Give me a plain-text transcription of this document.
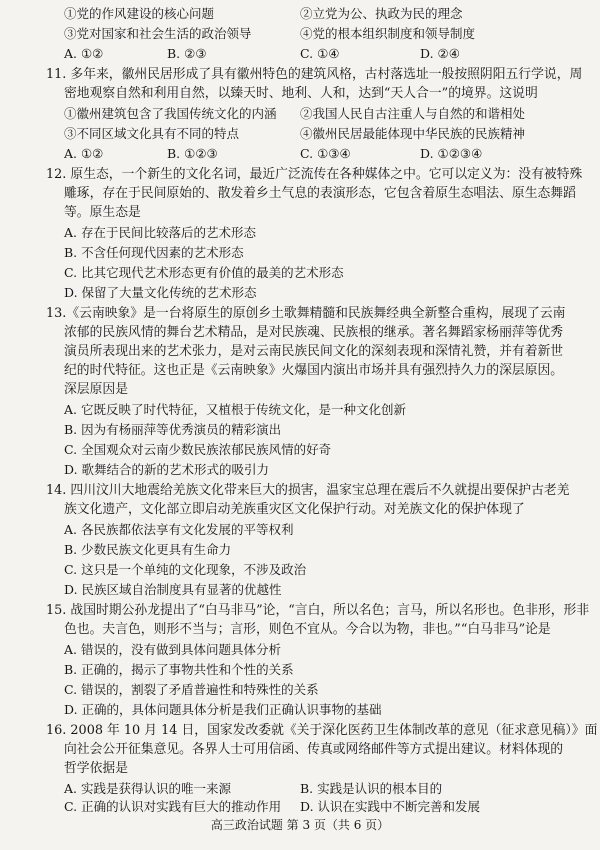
①党的作风建设的核心问题	②立党为公、执政为民的理念
③党对国家和社会生活的政治领导	④党的根本组织制度和领导制度
A. ①②	B. ②③	C. ①④	D. ②④
11. 多年来，徽州民居形成了具有徽州特色的建筑风格，古村落选址一般按照阴阳五行学说，周
密地观察自然和利用自然，以臻天时、地利、人和，达到“天人合一”的境界。这说明
①徽州建筑包含了我国传统文化的内涵 ②我国人民自古注重人与自然的和谐相处
③不同区域文化具有不同的特点	④徽州民居最能体现中华民族的民族精神
A. ①②	B. ①②③	C. ①③④	D. ①②③④
12. 原生态，一个新生的文化名词，最近广泛流传在各种媒体之中。它可以定义为：没有被特殊
雕琢，存在于民间原始的、散发着乡土气息的表演形态，它包含着原生态唱法、原生态舞蹈
等。原生态是
A. 存在于民间比较落后的艺术形态
B. 不含任何现代因素的艺术形态
C. 比其它现代艺术形态更有价值的最美的艺术形态
D. 保留了大量文化传统的艺术形态
13.《云南映象》是一台将原生的原创乡土歌舞精髓和民族舞经典全新整合重构，展现了云南
浓郁的民族风情的舞台艺术精品，是对民族魂、民族根的继承。著名舞蹈家杨丽萍等优秀
演员所表现出来的艺术张力，是对云南民族民间文化的深刻表现和深情礼赞，并有着新世
纪的时代特征。这也正是《云南映象》火爆国内演出市场并具有强烈持久力的深层原因。
深层原因是
A. 它既反映了时代特征，又植根于传统文化，是一种文化创新
B. 因为有杨丽萍等优秀演员的精彩演出
C. 全国观众对云南少数民族浓郁民族风情的好奇
D. 歌舞结合的新的艺术形式的吸引力
14. 四川汶川大地震给羌族文化带来巨大的损害，温家宝总理在震后不久就提出要保护古老羌
族文化遗产，文化部立即启动羌族重灾区文化保护行动。对羌族文化的保护体现了
A. 各民族都依法享有文化发展的平等权利
B. 少数民族文化更具有生命力
C. 这只是一个单纯的文化现象，不涉及政治
D. 民族区域自治制度具有显著的优越性
15. 战国时期公孙龙提出了“白马非马”论，“言白，所以名色；言马，所以名形也。色非形，形非
色也。夫言色，则形不当与；言形，则色不宜从。今合以为物，非也。”“白马非马”论是
A. 错误的，没有做到具体问题具体分析
B. 正确的，揭示了事物共性和个性的关系
C. 错误的，割裂了矛盾普遍性和特殊性的关系
D. 正确的，具体问题具体分析是我们正确认识事物的基础
16. 2008 年 10 月 14 日，国家发改委就《关于深化医药卫生体制改革的意见（征求意见稿）》面
向社会公开征集意见。各界人士可用信函、传真或网络邮件等方式提出建议。材料体现的
哲学依据是
A. 实践是获得认识的唯一来源	B. 实践是认识的根本目的
C. 正确的认识对实践有巨大的推动作用 D. 认识在实践中不断完善和发展
高三政治试题 第 3 页（共 6 页）
